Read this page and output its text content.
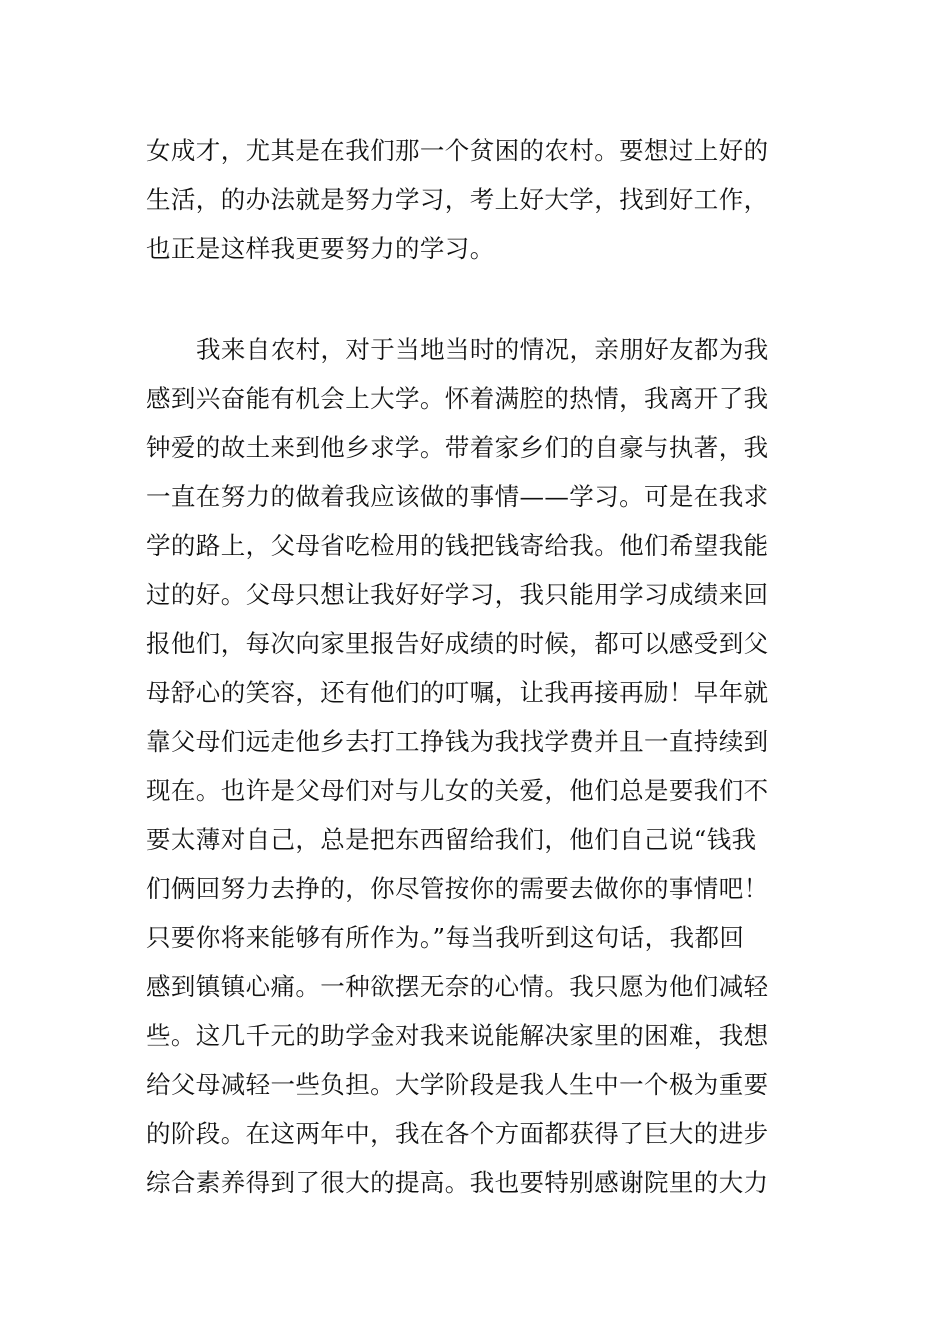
女成才，尤其是在我们那一个贫困的农村。要想过上好的
生活，的办法就是努力学习，考上好大学，找到好工作，
也正是这样我更要努力的学习。
我来自农村，对于当地当时的情况，亲朋好友都为我
感到兴奋能有机会上大学。怀着满腔的热情，我离开了我
钟爱的故土来到他乡求学。带着家乡们的自豪与执著，我
一直在努力的做着我应该做的事情——学习。可是在我求
学的路上，父母省吃检用的钱把钱寄给我。他们希望我能
过的好。父母只想让我好好学习，我只能用学习成绩来回
报他们，每次向家里报告好成绩的时候，都可以感受到父
母舒心的笑容，还有他们的叮嘱，让我再接再励！早年就
靠父母们远走他乡去打工挣钱为我找学费并且一直持续到
现在。也许是父母们对与儿女的关爱，他们总是要我们不
要太薄对自己，总是把东西留给我们，他们自己说“钱我
们俩回努力去挣的，你尽管按你的需要去做你的事情吧！
只要你将来能够有所作为。”每当我听到这句话，我都回
感到镇镇心痛。一种欲摆无奈的心情。我只愿为他们减轻
些。这几千元的助学金对我来说能解决家里的困难，我想
给父母减轻一些负担。大学阶段是我人生中一个极为重要
的阶段。在这两年中，我在各个方面都获得了巨大的进步
综合素养得到了很大的提高。我也要特别感谢院里的大力
